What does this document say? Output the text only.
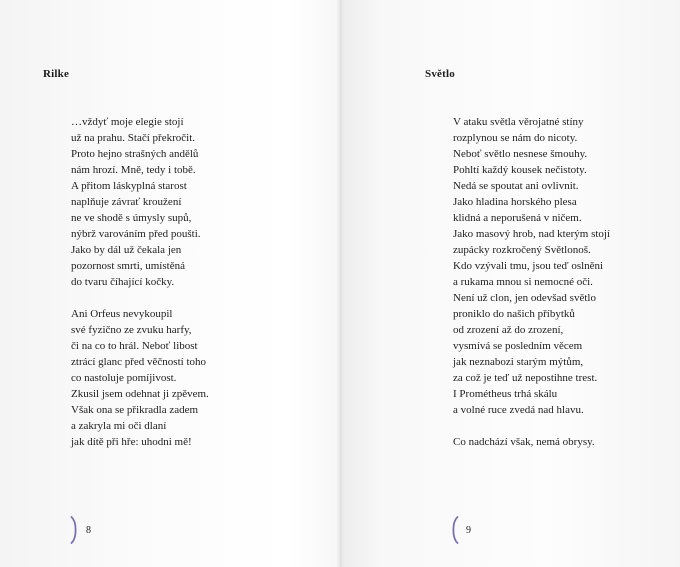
Rilke
…vždyť moje elegie stojí
už na prahu. Stačí překročit.
Proto hejno strašných andělů
nám hrozí. Mně, tedy i tobě.
A přitom láskyplná starost
naplňuje závrať kroužení
ne ve shodě s úmysly supů,
nýbrž varováním před poušti.
Jako by dál už čekala jen
pozornost smrti, umístěná
do tvaru číhající kočky.
Ani Orfeus nevykoupil
své fyzično ze zvuku harfy,
či na co to hrál. Neboť libost
ztrácí glanc před věčností toho
co nastoluje pomíjivost.
Zkusil jsem odehnat ji zpěvem.
Však ona se přikradla zadem
a zakryla mi oči dlaní
jak dítě při hře: uhodni mě!
8
Světlo
V ataku světla věrojatné stíny
rozplynou se nám do nicoty.
Neboť světlo nesnese šmouhy.
Pohltí každý kousek nečistoty.
Nedá se spoutat ani ovlivnit.
Jako hladina horského plesa
klidná a neporušená v ničem.
Jako masový hrob, nad kterým stojí
zupácky rozkročený Světlonoš.
Kdo vzývali tmu, jsou teď oslněni
a rukama mnou si nemocné oči.
Není už clon, jen odevšad světlo
proniklo do našich příbytků
od zrození až do zrození,
vysmívá se posledním věcem
jak neznabozi starým mýtům,
za což je teď už nepostihne trest.
I Prométheus trhá skálu
a volné ruce zvedá nad hlavu.
Co nadchází však, nemá obrysy.
9
